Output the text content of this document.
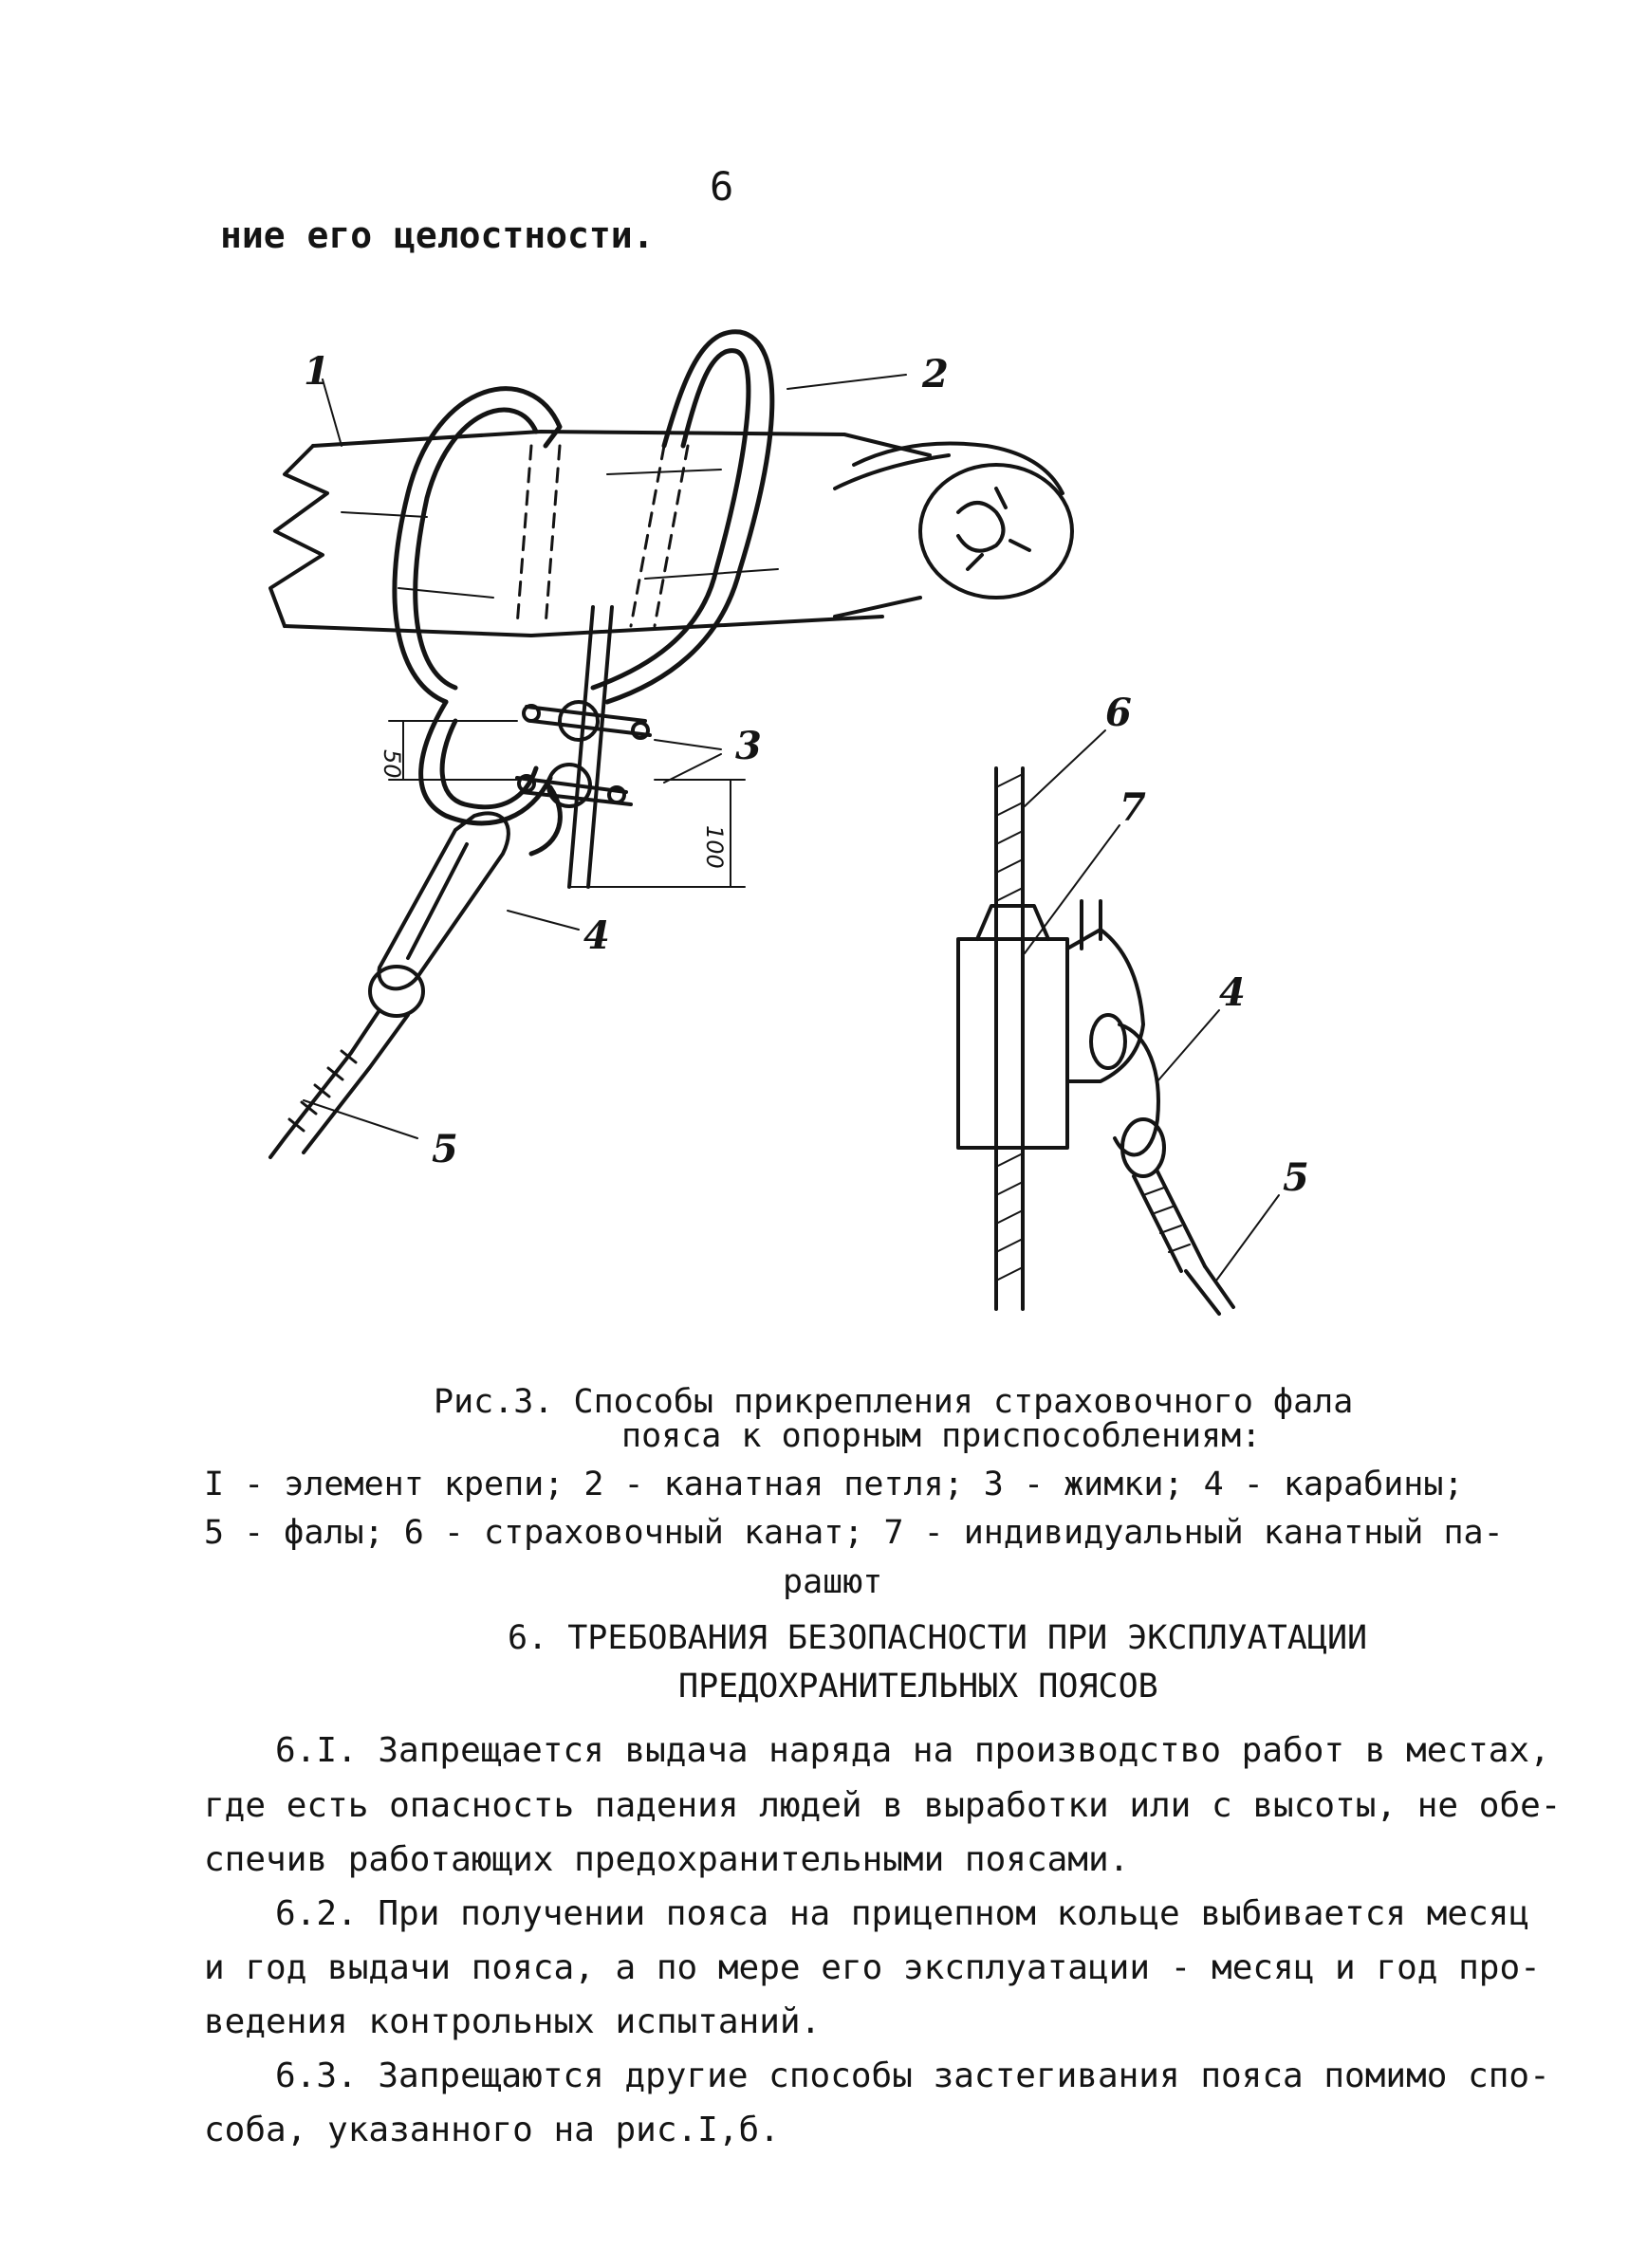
6
ние его целостности.
1	2
3
4
5
50
100
6
7
4
5
Рис.3. Способы прикрепления страховочного фала
пояса к опорным приспособлениям:
I - элемент крепи; 2 - канатная петля; 3 - жимки; 4 - карабины;
5 - фалы; 6 - страховочный канат; 7 - индивидуальный канатный па-
рашют
6. ТРЕБОВАНИЯ БЕЗОПАСНОСТИ ПРИ ЭКСПЛУАТАЦИИ
ПРЕДОХРАНИТЕЛЬНЫХ ПОЯСОВ
6.I. Запрещается выдача наряда на производство работ в местах,
где есть опасность падения людей в выработки или с высоты, не обе-
спечив работающих предохранительными поясами.
6.2. При получении пояса на прицепном кольце выбивается месяц
и год выдачи пояса, а по мере его эксплуатации - месяц и год про-
ведения контрольных испытаний.
6.3. Запрещаются другие способы застегивания пояса помимо спо-
соба, указанного на рис.I,б.
